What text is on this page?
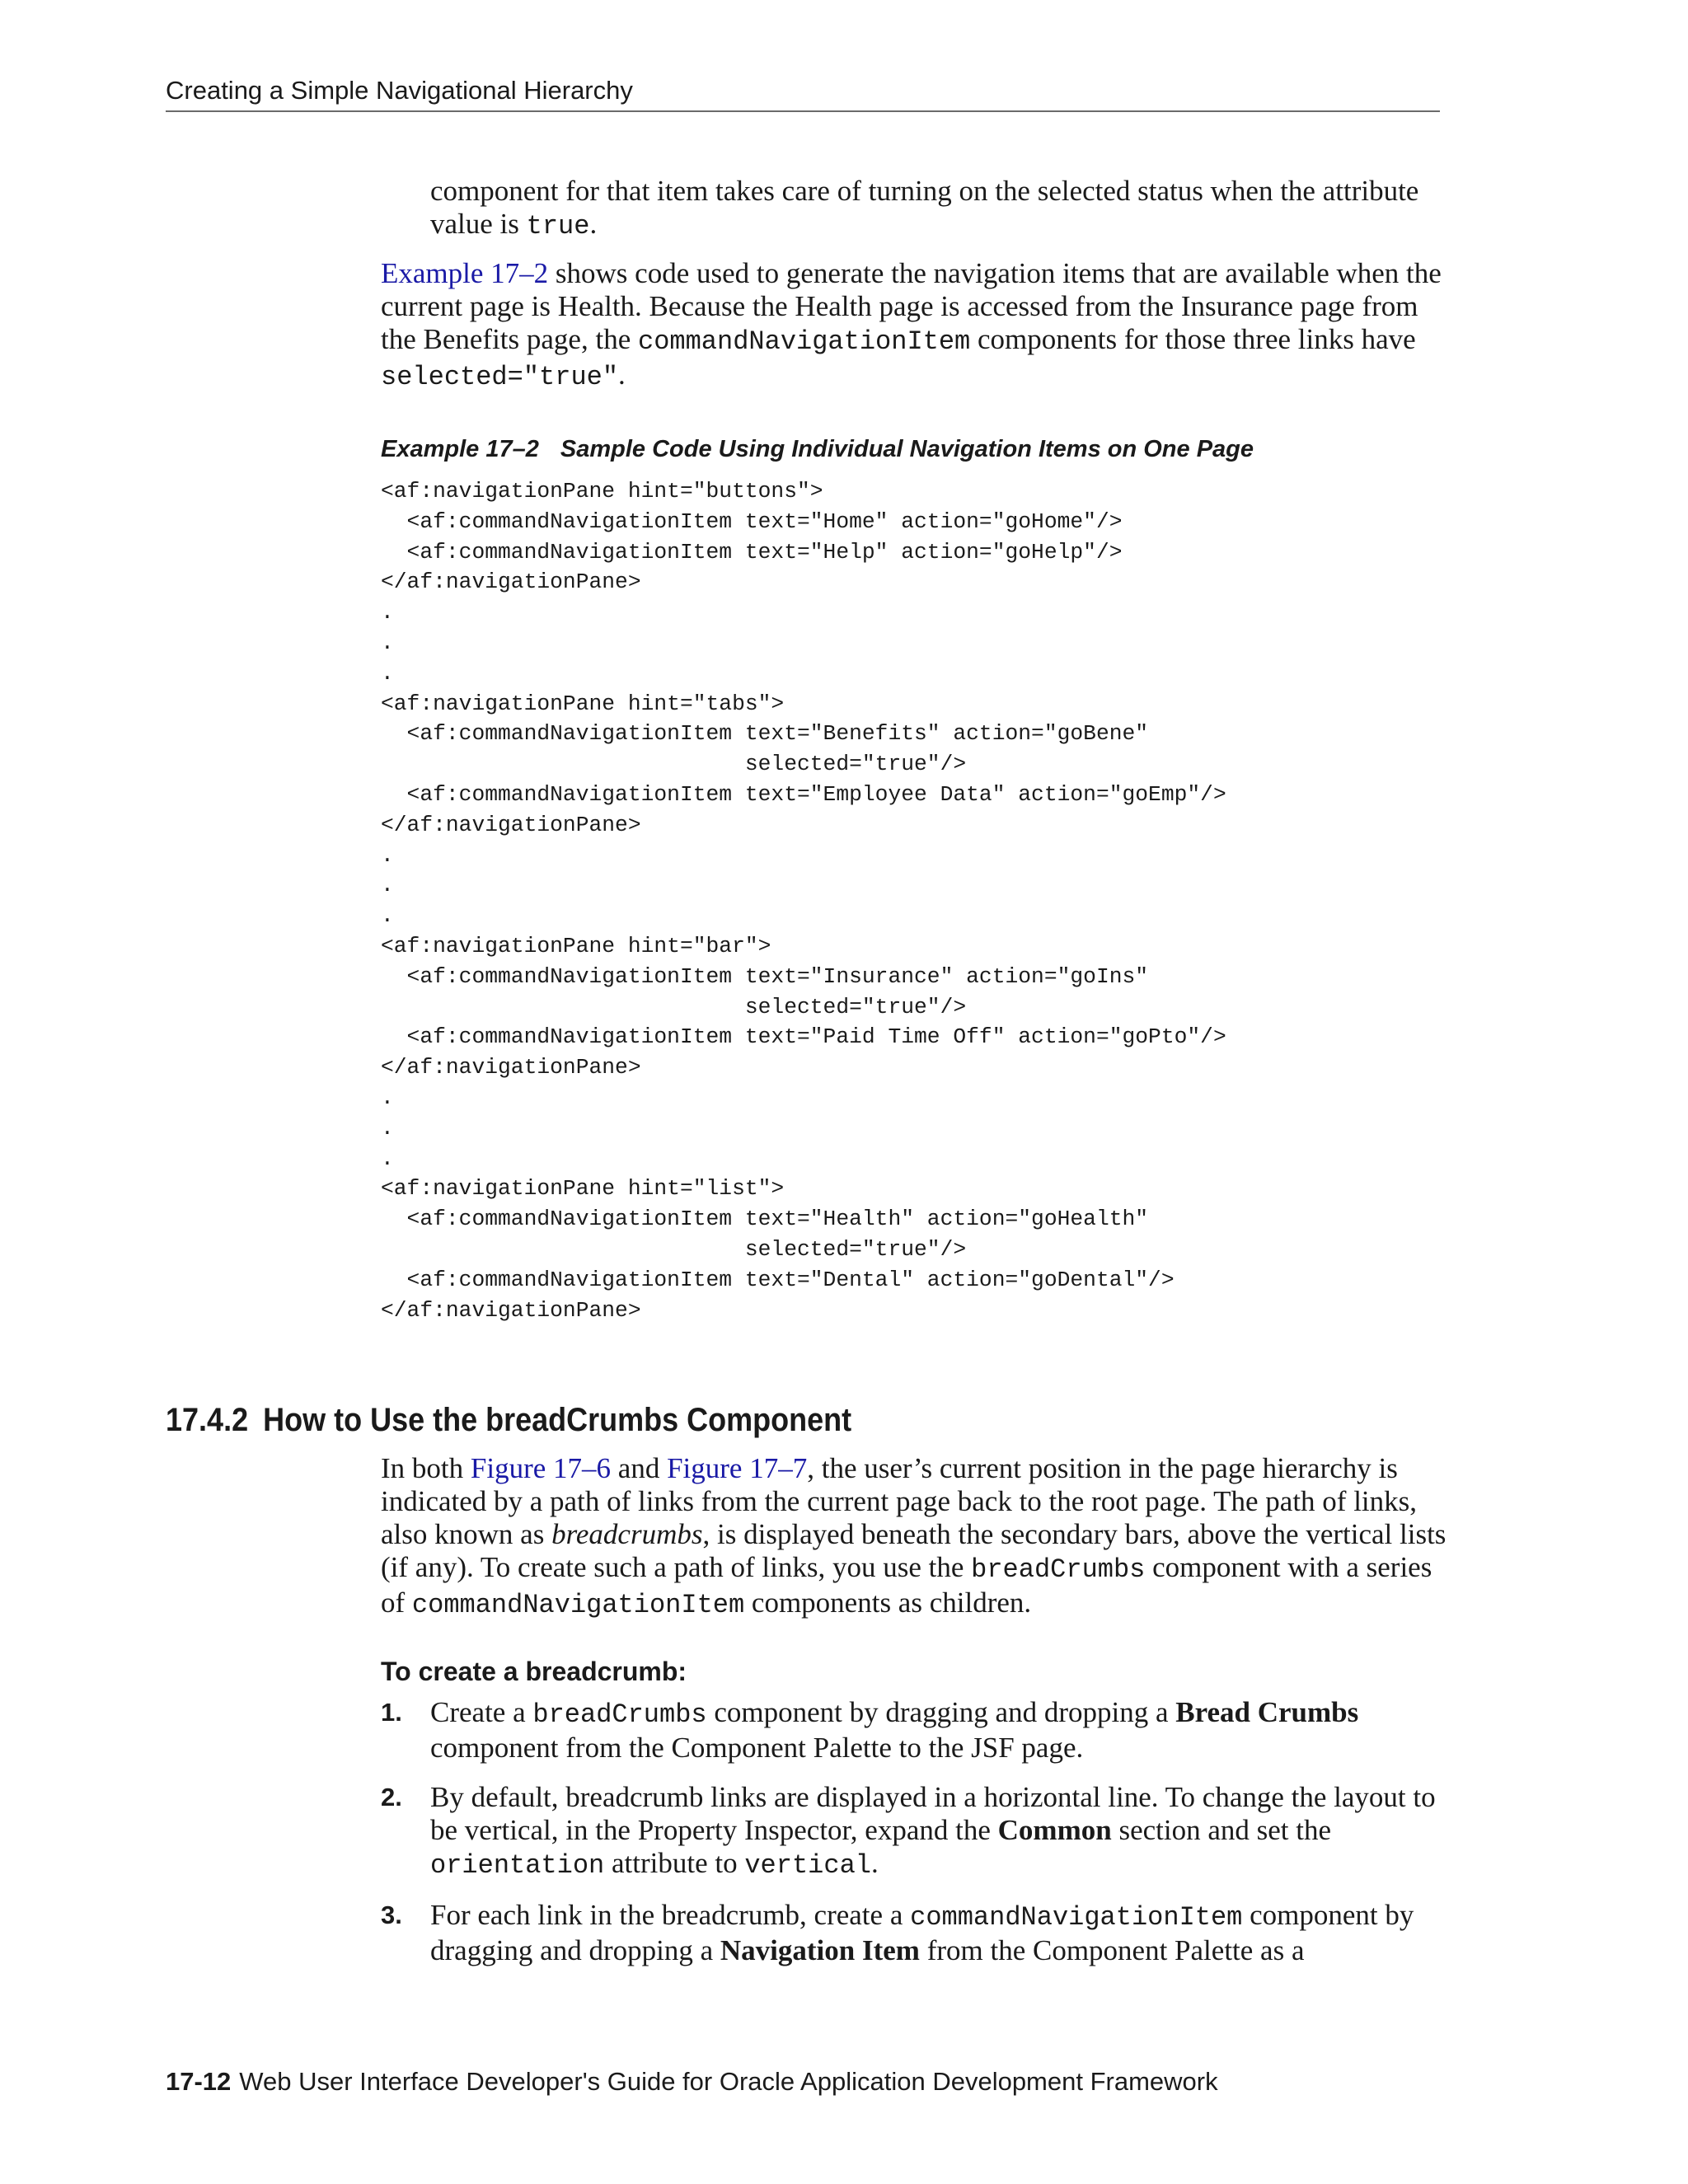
Creating a Simple Navigational Hierarchy

component for that item takes care of turning on the selected status when the attribute value is true.

Example 17–2 shows code used to generate the navigation items that are available when the current page is Health. Because the Health page is accessed from the Insurance page from the Benefits page, the commandNavigationItem components for those three links have selected="true".

Example 17–2 Sample Code Using Individual Navigation Items on One Page
<af:navigationPane hint="buttons">
<af:commandNavigationItem text="Home" action="goHome"/>
<af:commandNavigationItem text="Help" action="goHelp"/>
</af:navigationPane>
.
.
.
<af:navigationPane hint="tabs">
<af:commandNavigationItem text="Benefits" action="goBene"
selected="true"/>
<af:commandNavigationItem text="Employee Data" action="goEmp"/>
</af:navigationPane>
.
.
.
<af:navigationPane hint="bar">
<af:commandNavigationItem text="Insurance" action="goIns"
selected="true"/>
<af:commandNavigationItem text="Paid Time Off" action="goPto"/>
</af:navigationPane>
.
.
.
<af:navigationPane hint="list">
<af:commandNavigationItem text="Health" action="goHealth"
selected="true"/>
<af:commandNavigationItem text="Dental" action="goDental"/>
</af:navigationPane>
17.4.2 How to Use the breadCrumbs Component

In both Figure 17–6 and Figure 17–7, the user’s current position in the page hierarchy is indicated by a path of links from the current page back to the root page. The path of links, also known as breadcrumbs, is displayed beneath the secondary bars, above the vertical lists (if any). To create such a path of links, you use the breadCrumbs component with a series of commandNavigationItem components as children.

To create a breadcrumb:
1. Create a breadCrumbs component by dragging and dropping a Bread Crumbs component from the Component Palette to the JSF page.
2. By default, breadcrumb links are displayed in a horizontal line. To change the layout to be vertical, in the Property Inspector, expand the Common section and set the orientation attribute to vertical.
3. For each link in the breadcrumb, create a commandNavigationItem component by dragging and dropping a Navigation Item from the Component Palette as a
17-12 Web User Interface Developer's Guide for Oracle Application Development Framework
